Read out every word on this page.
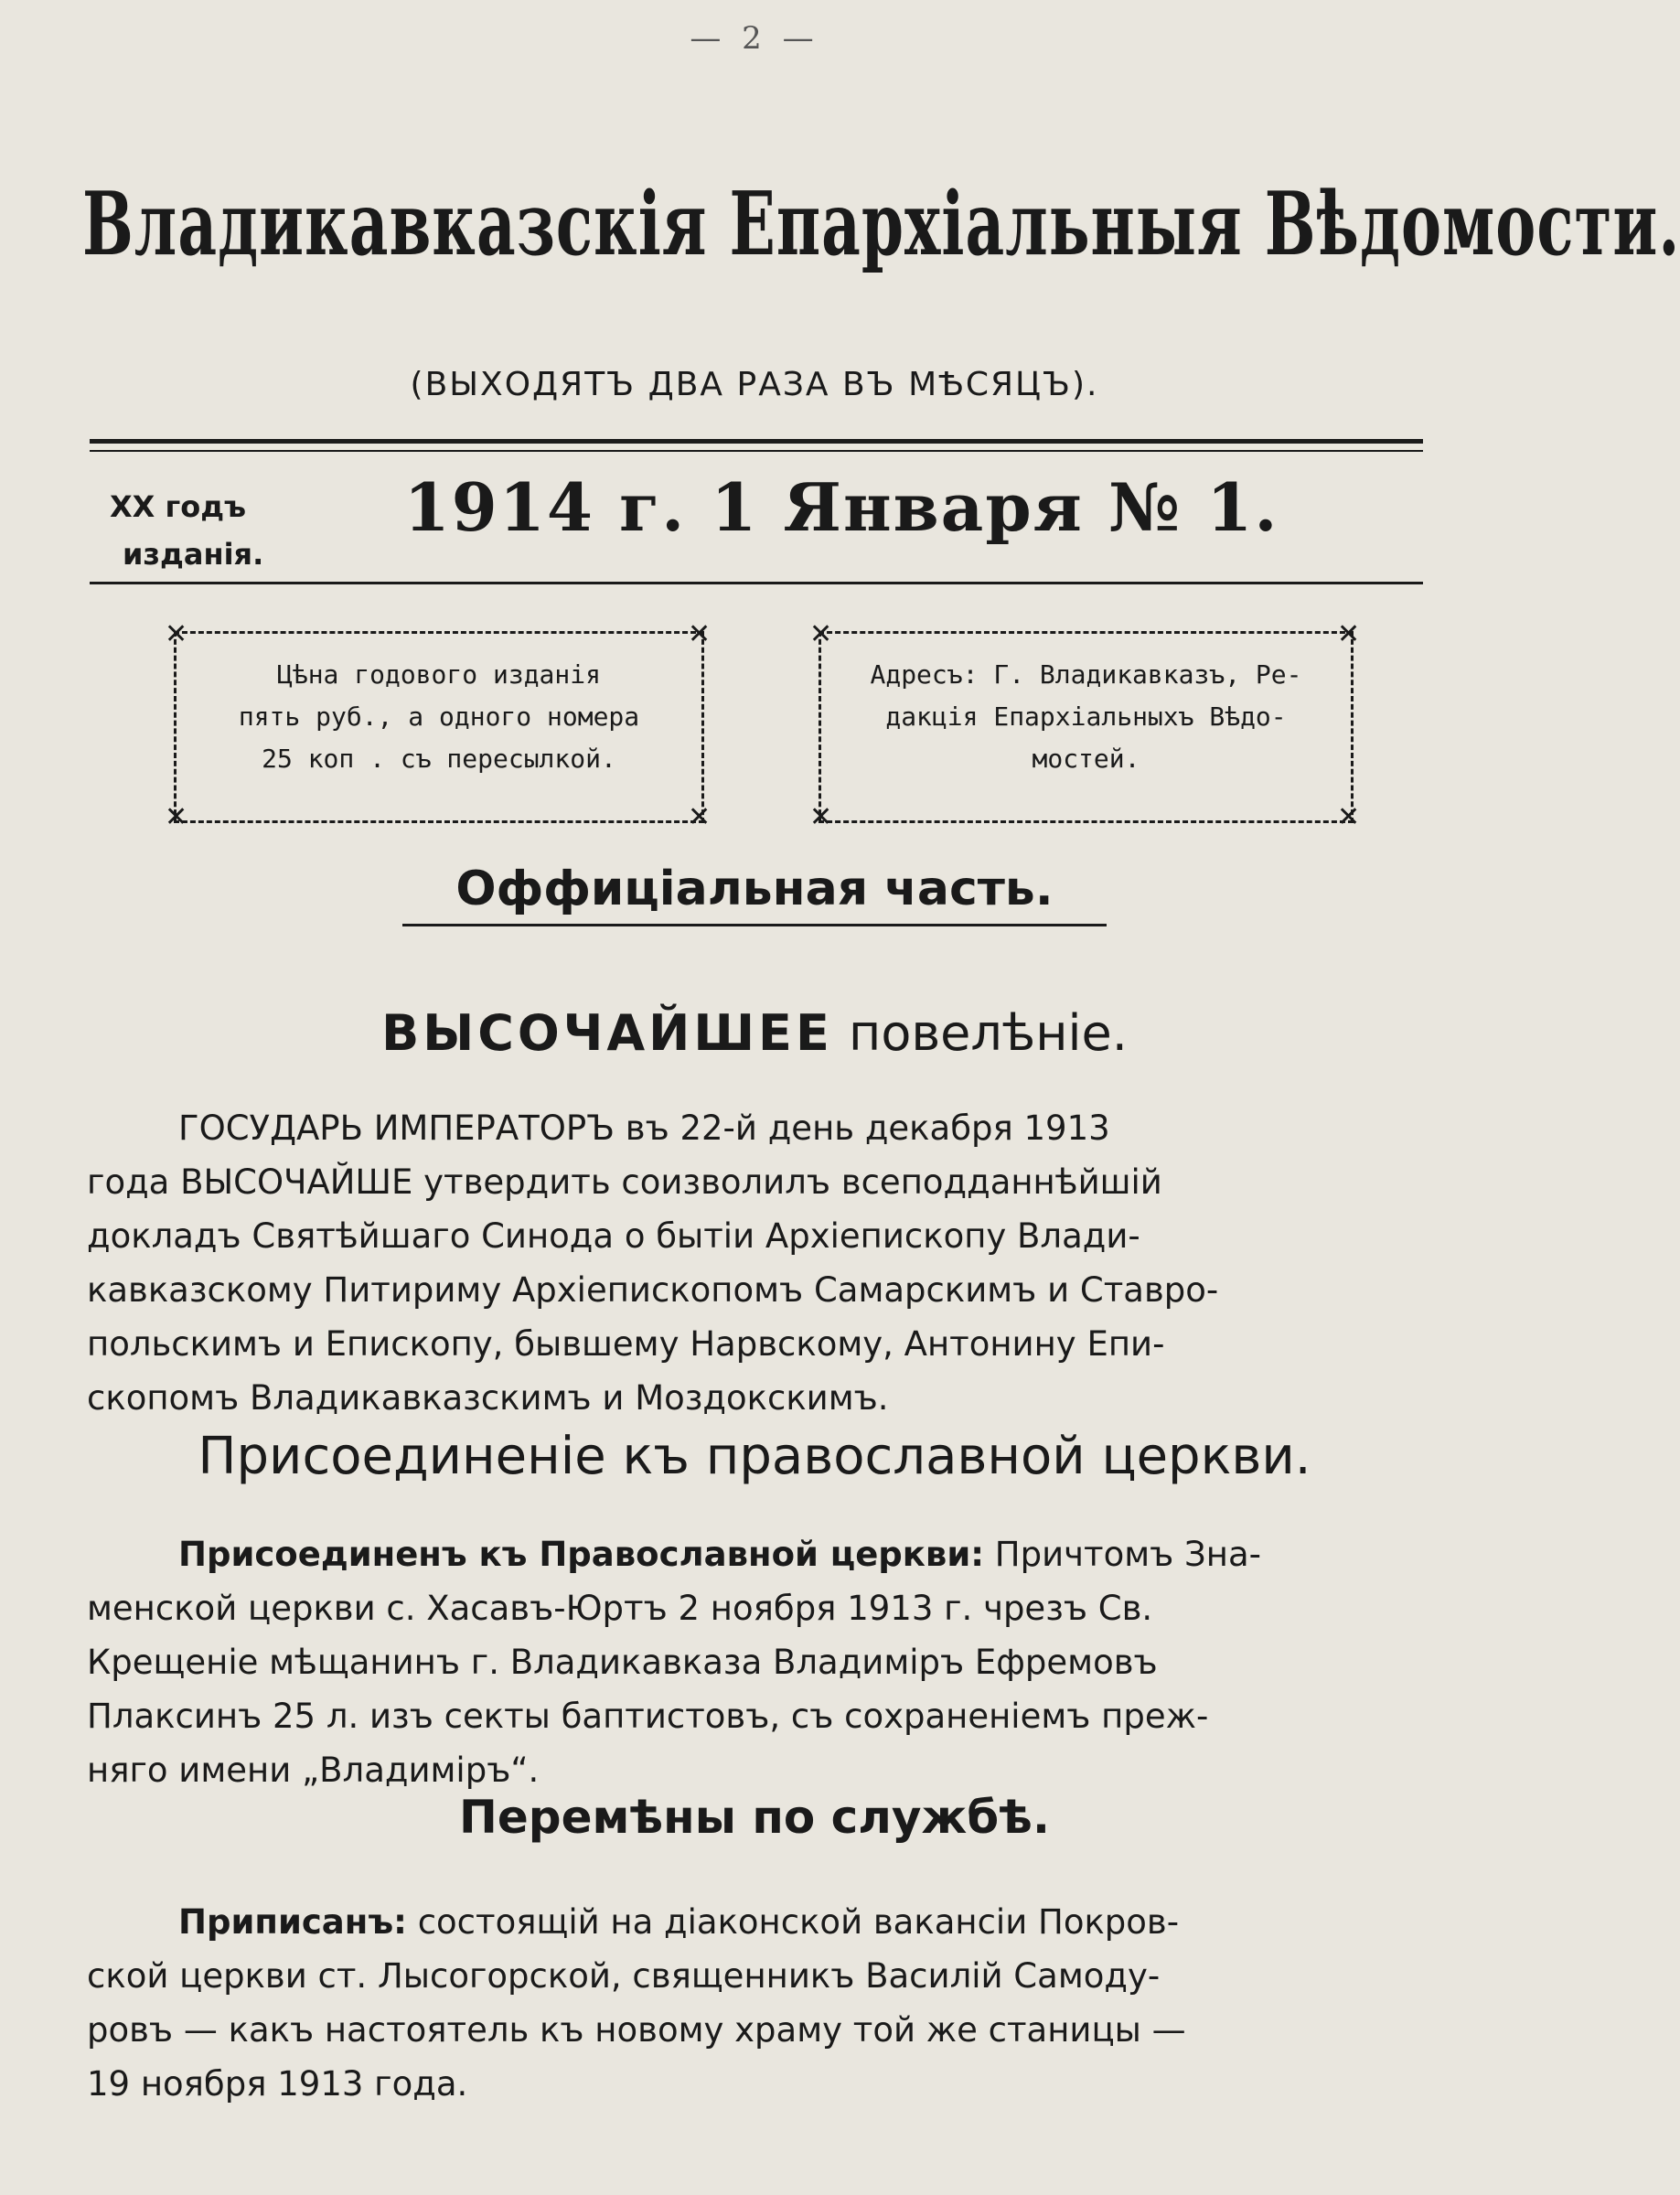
— 2 —
Владикавказскія Епархіальныя Вѣдомости.
(ВЫХОДЯТЪ ДВА РАЗА ВЪ МѢСЯЦЪ).
XX годъ
изданія.
1914 г. 1 Января № 1.
Цѣна годового изданія
пять руб., а одного номера
25 коп . съ пересылкой.
✕	✕
✕	✕
Адресъ: Г. Владикавказъ, Ре-
дакція Епархіальныхъ Вѣдо-
мостей.
✕	✕
✕	✕
Оффиціальная часть.
ВЫСОЧАЙШЕЕ повелѣніе.
ГОСУДАРЬ ИМПЕРАТОРЪ въ 22-й день декабря 1913
года ВЫСОЧАЙШЕ утвердить соизволилъ всеподданнѣйшій
докладъ Святѣйшаго Синода о бытіи Архіепископу Влади-
кавказскому Питириму Архіепископомъ Самарскимъ и Ставро-
польскимъ и Епископу, бывшему Нарвскому, Антонину Епи-
скопомъ Владикавказскимъ и Моздокскимъ.
Присоединеніе къ православной церкви.
Присоединенъ къ Православной церкви: Причтомъ Зна-
менской церкви с. Хасавъ-Юртъ 2 ноября 1913 г. чрезъ Св.
Крещеніе мѣщанинъ г. Владикавказа Владиміръ Ефремовъ
Плаксинъ 25 л. изъ секты баптистовъ, съ сохраненіемъ преж-
няго имени „Владиміръ“.
Перемѣны по службѣ.
Приписанъ: состоящій на діаконской вакансіи Покров-
ской церкви ст. Лысогорской, священникъ Василій Самоду-
ровъ — какъ настоятель къ новому храму той же станицы —
19 ноября 1913 года.
